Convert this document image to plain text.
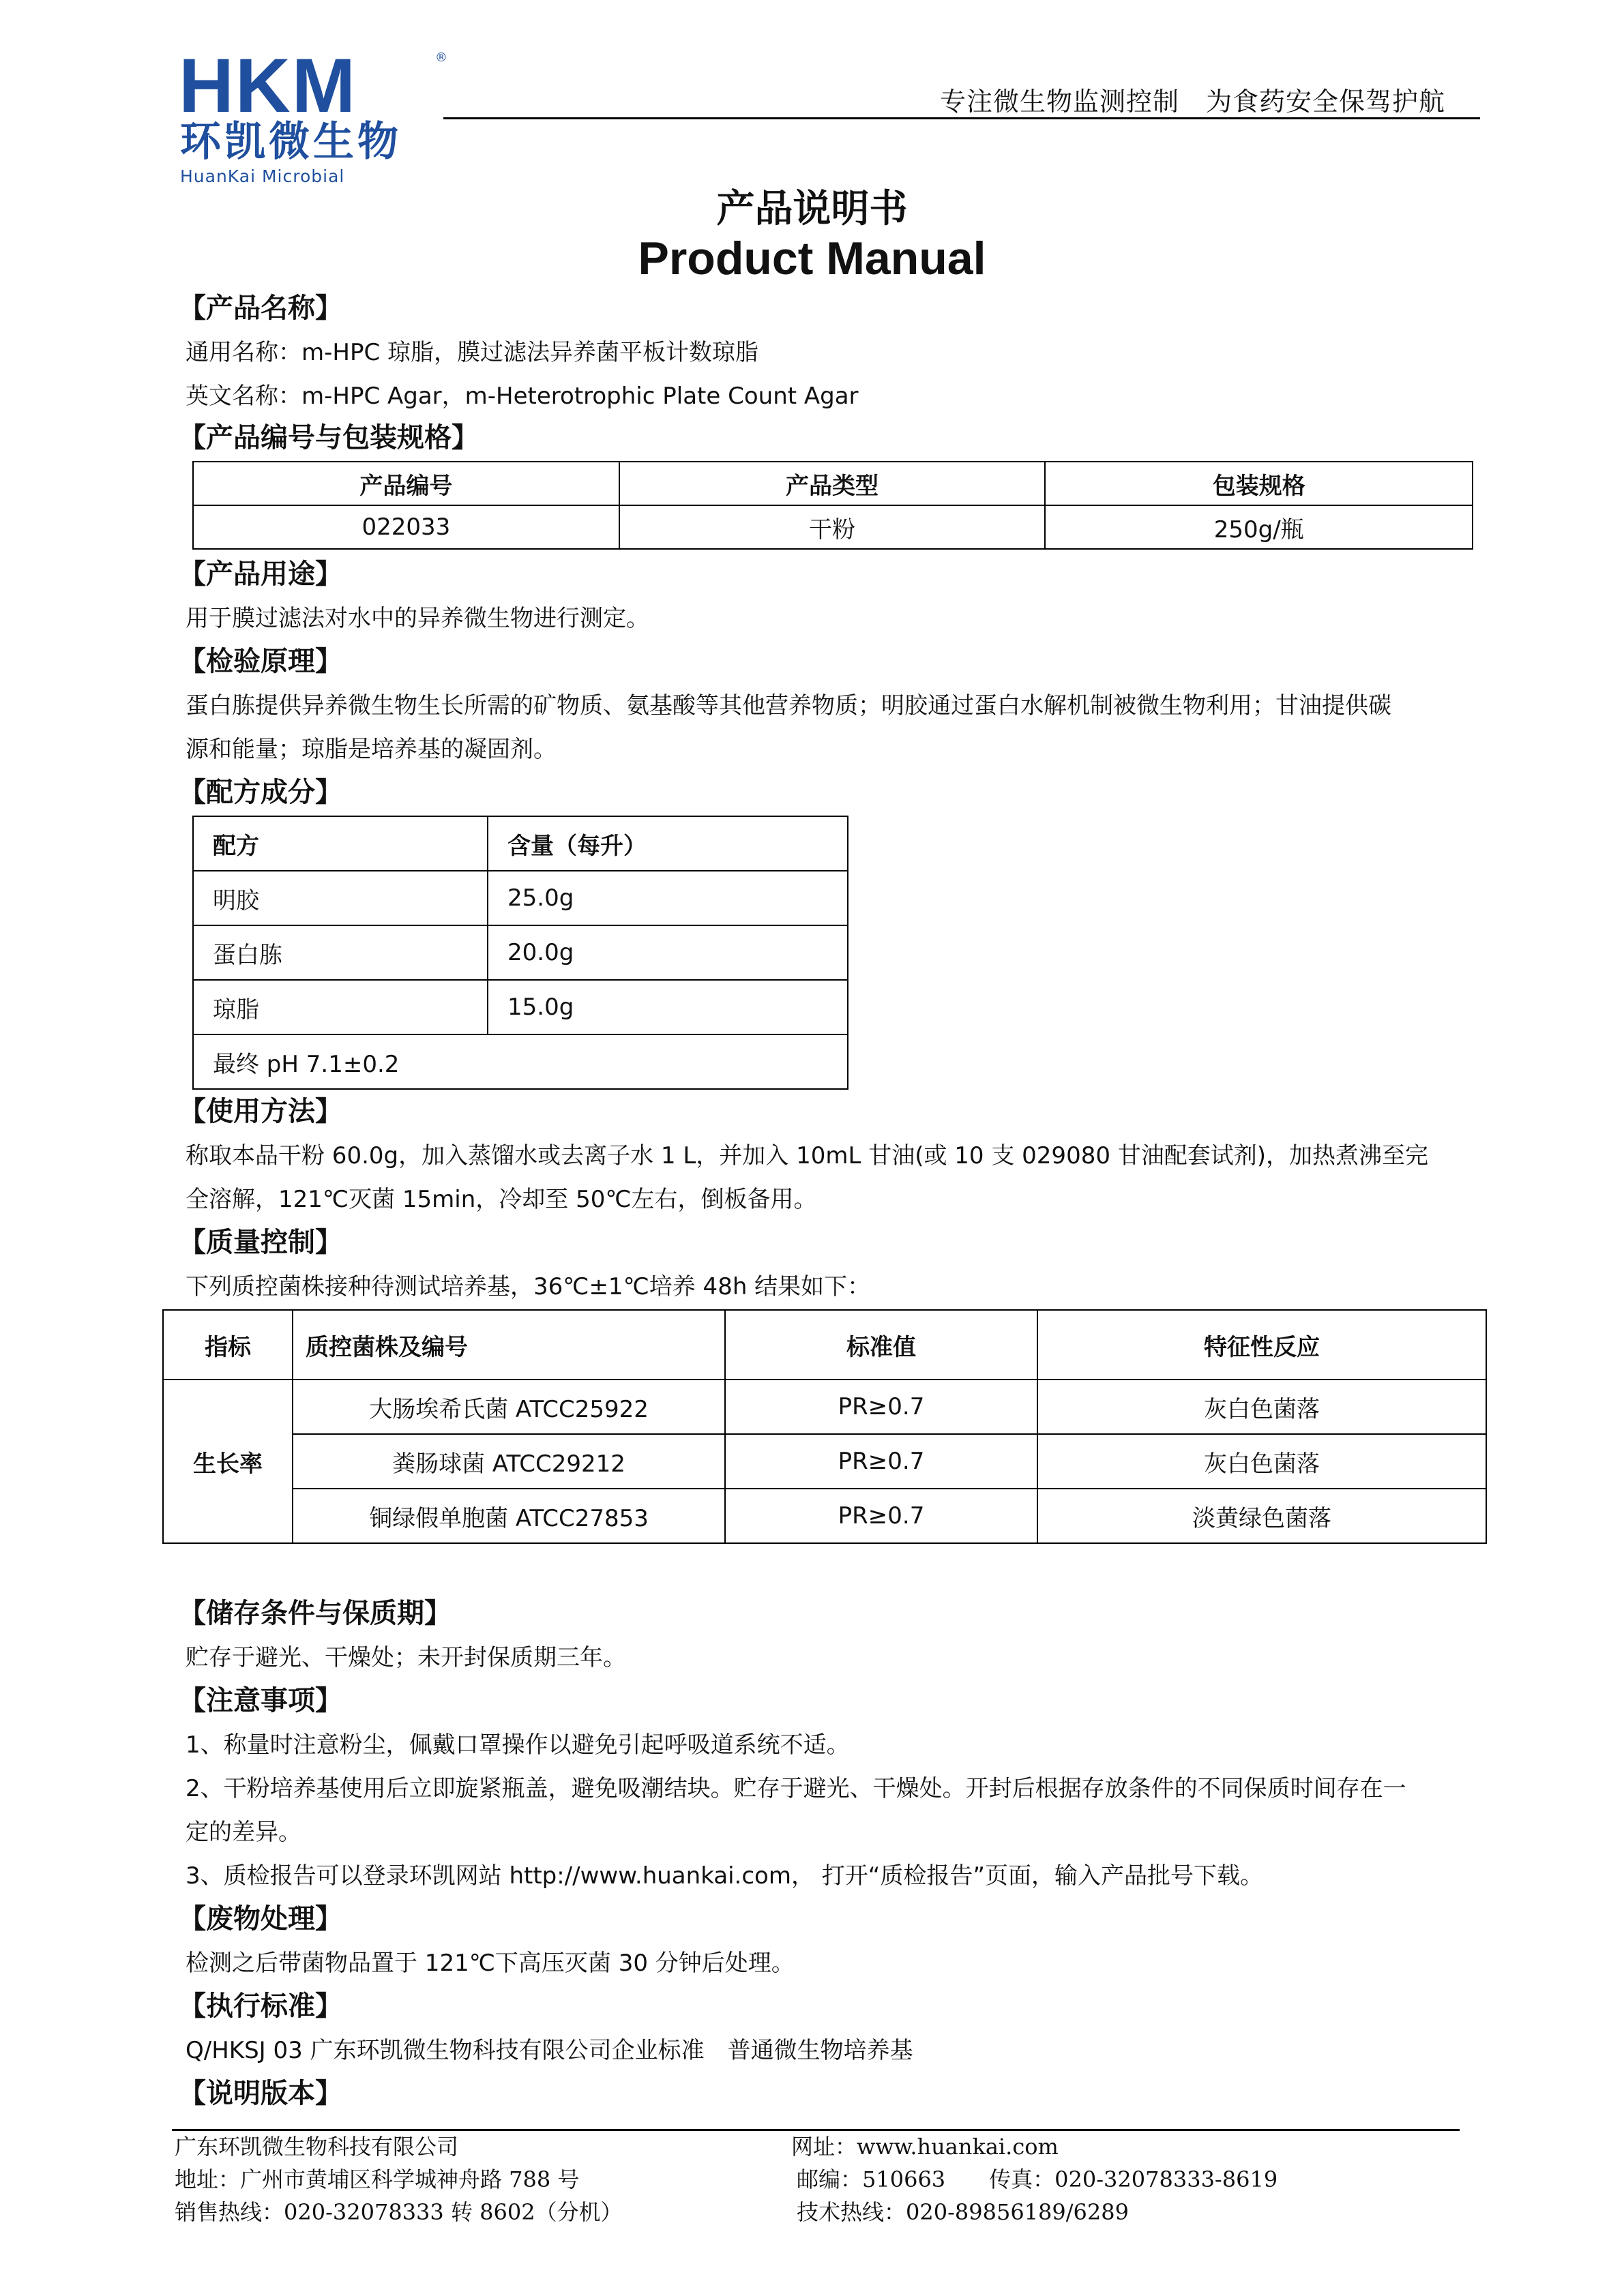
HKM	®
环凯微生物
HuanKai Microbial
专注微生物监测控制　为食药安全保驾护航
产品说明书
Product Manual
【产品名称】
通用名称：m-HPC 琼脂，膜过滤法异养菌平板计数琼脂
英文名称：m-HPC Agar，m-Heterotrophic Plate Count Agar
【产品编号与包装规格】
产品编号	产品类型	包装规格
022033	干粉	250g/瓶
【产品用途】
用于膜过滤法对水中的异养微生物进行测定。
【检验原理】
蛋白胨提供异养微生物生长所需的矿物质、氨基酸等其他营养物质；明胶通过蛋白水解机制被微生物利用；甘油提供碳
源和能量；琼脂是培养基的凝固剂。
【配方成分】
配方	含量（每升）
明胶	25.0g
蛋白胨	20.0g
琼脂	15.0g
最终 pH 7.1±0.2	
【使用方法】
称取本品干粉 60.0g，加入蒸馏水或去离子水 1 L，并加入 10mL 甘油(或 10 支 029080 甘油配套试剂)，加热煮沸至完
全溶解，121℃灭菌 15min，冷却至 50℃左右，倒板备用。
【质量控制】
下列质控菌株接种待测试培养基，36℃±1℃培养 48h 结果如下：
指标	质控菌株及编号	标准值	特征性反应
生长率	大肠埃希氏菌 ATCC25922	PR≥0.7	灰白色菌落
	粪肠球菌 ATCC29212	PR≥0.7	灰白色菌落
	铜绿假单胞菌 ATCC27853	PR≥0.7	淡黄绿色菌落
【储存条件与保质期】
贮存于避光、干燥处；未开封保质期三年。
【注意事项】
1、称量时注意粉尘，佩戴口罩操作以避免引起呼吸道系统不适。
2、干粉培养基使用后立即旋紧瓶盖，避免吸潮结块。贮存于避光、干燥处。开封后根据存放条件的不同保质时间存在一
定的差异。
3、质检报告可以登录环凯网站 http://www.huankai.com， 打开“质检报告”页面，输入产品批号下载。
【废物处理】
检测之后带菌物品置于 121℃下高压灭菌 30 分钟后处理。
【执行标准】
Q/HKSJ 03 广东环凯微生物科技有限公司企业标准　普通微生物培养基
【说明版本】
广东环凯微生物科技有限公司
地址：广州市黄埔区科学城神舟路 788 号
销售热线：020-32078333 转 8602（分机）
网址：www.huankai.com
邮编：510663　　传真：020-32078333-8619
技术热线：020-89856189/6289
